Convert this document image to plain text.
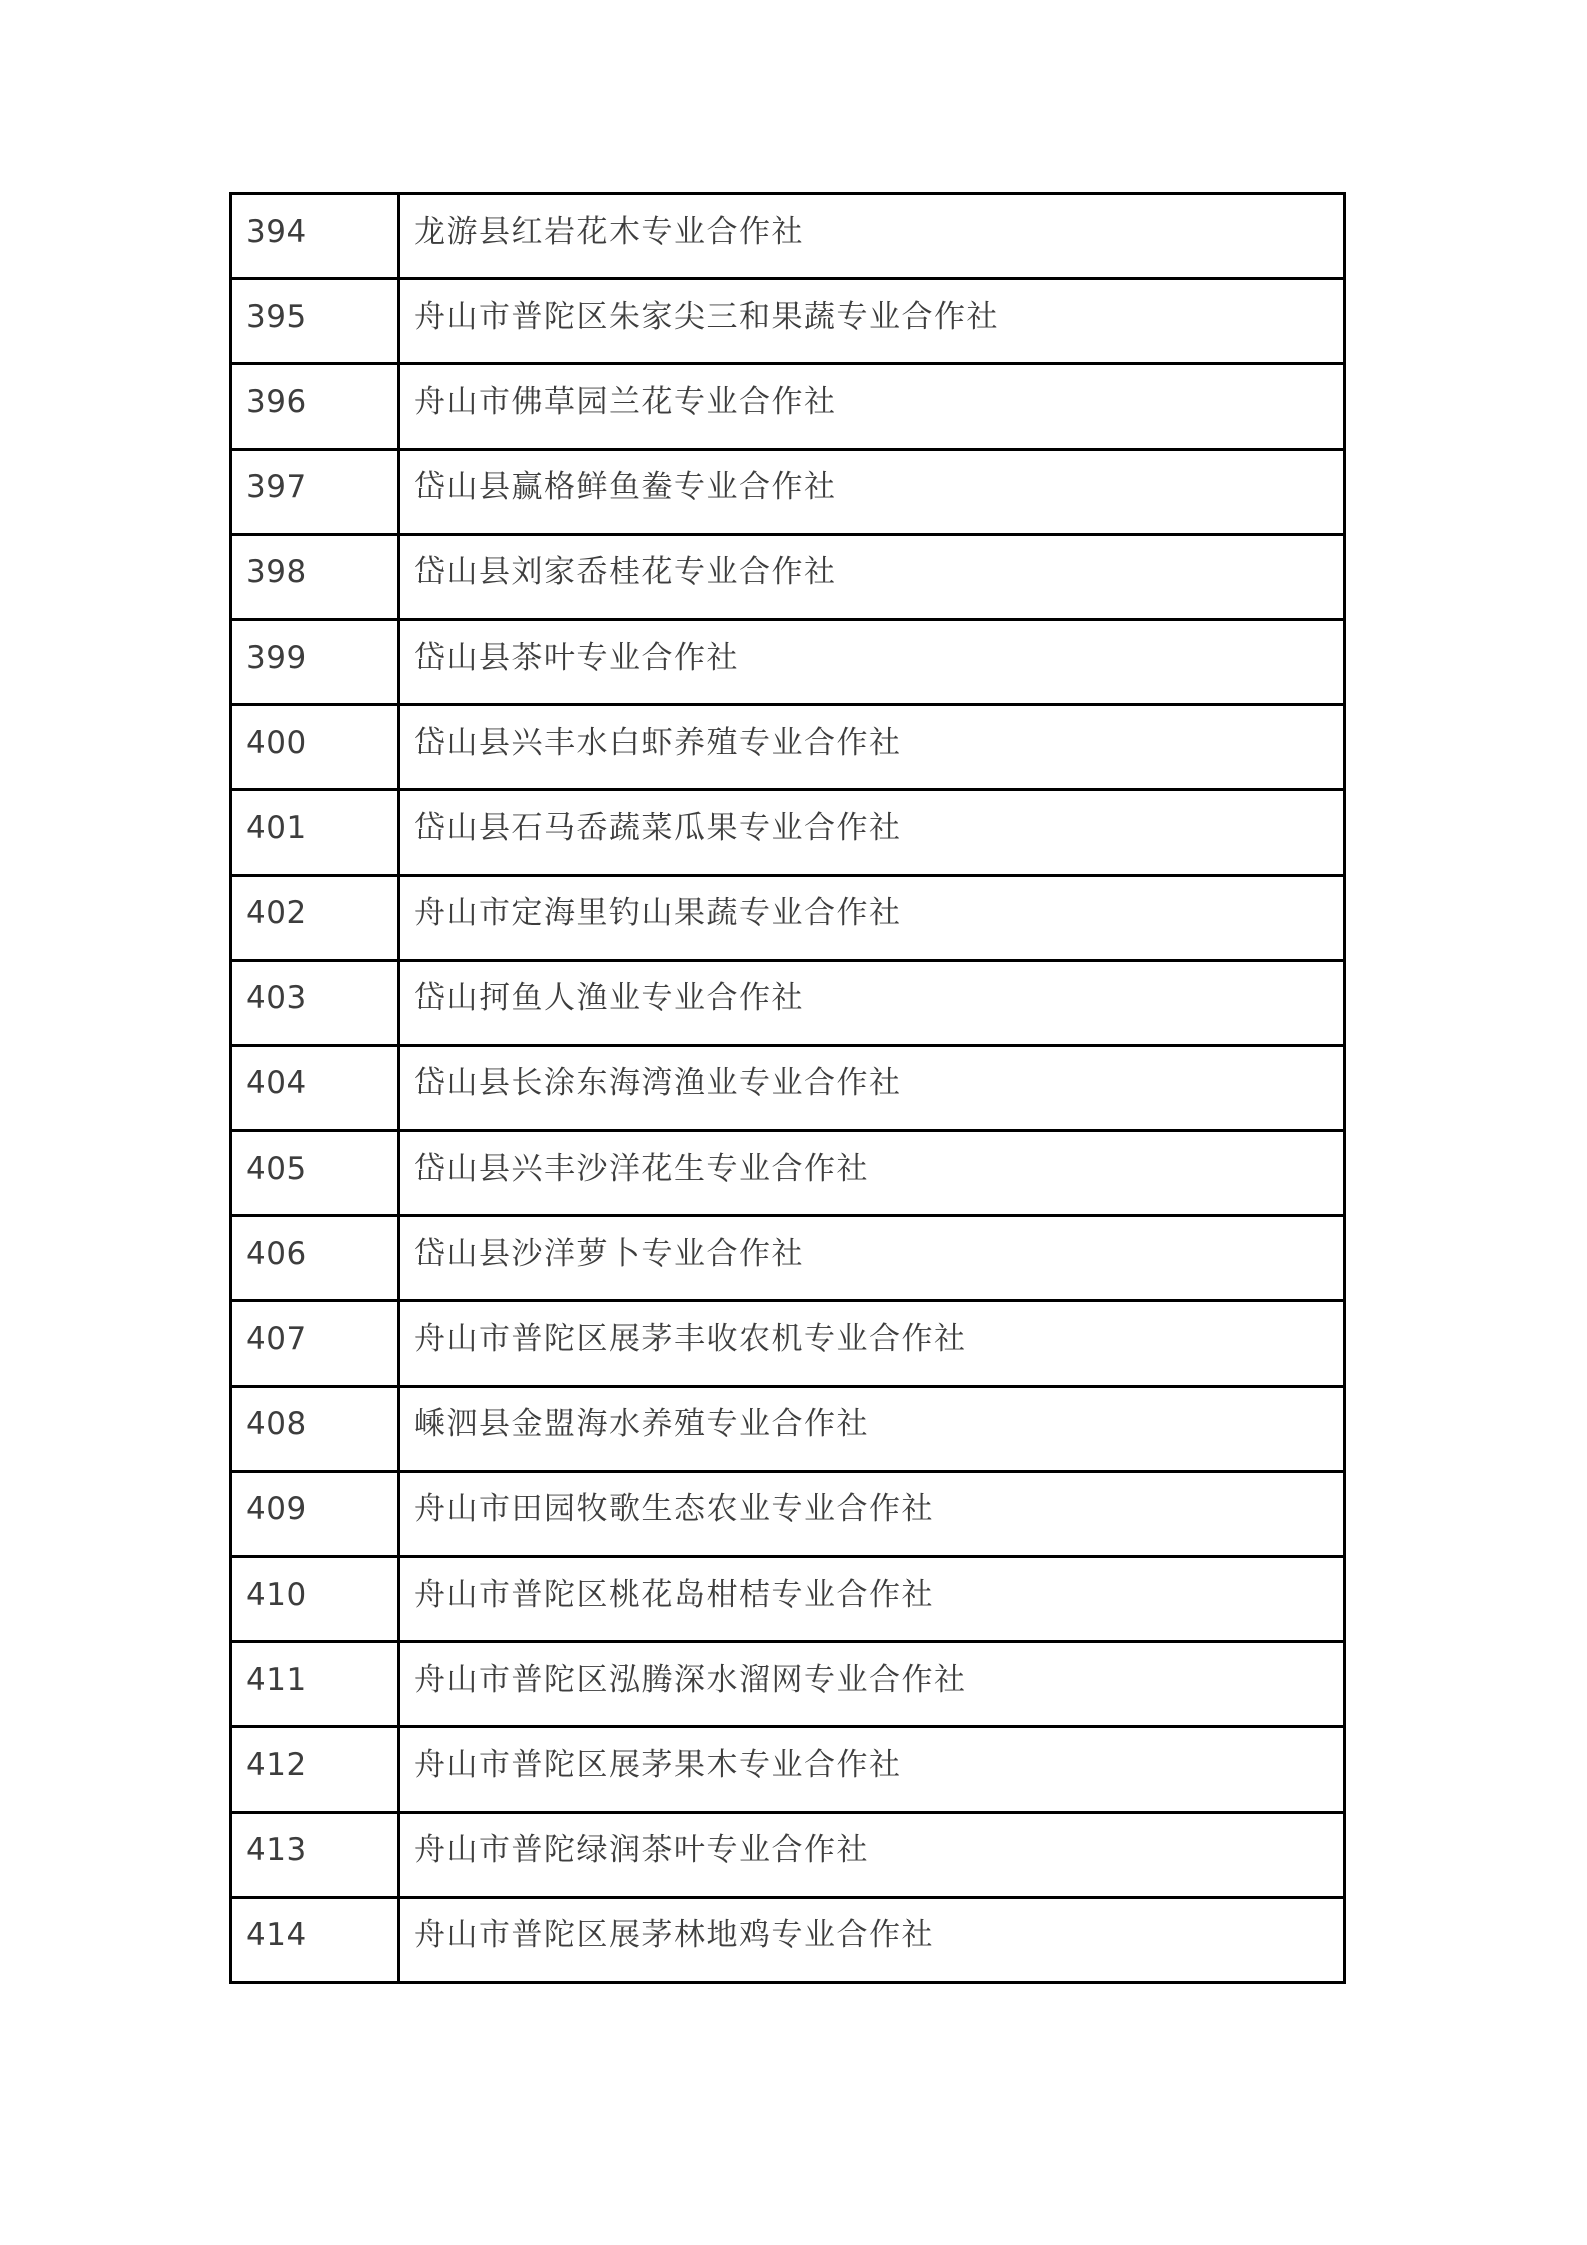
394	龙游县红岩花木专业合作社
395	舟山市普陀区朱家尖三和果蔬专业合作社
396	舟山市佛草园兰花专业合作社
397	岱山县赢格鲜鱼鲞专业合作社
398	岱山县刘家岙桂花专业合作社
399	岱山县茶叶专业合作社
400	岱山县兴丰水白虾养殖专业合作社
401	岱山县石马岙蔬菜瓜果专业合作社
402	舟山市定海里钓山果蔬专业合作社
403	岱山抲鱼人渔业专业合作社
404	岱山县长涂东海湾渔业专业合作社
405	岱山县兴丰沙洋花生专业合作社
406	岱山县沙洋萝卜专业合作社
407	舟山市普陀区展茅丰收农机专业合作社
408	嵊泗县金盟海水养殖专业合作社
409	舟山市田园牧歌生态农业专业合作社
410	舟山市普陀区桃花岛柑桔专业合作社
411	舟山市普陀区泓腾深水溜网专业合作社
412	舟山市普陀区展茅果木专业合作社
413	舟山市普陀绿润茶叶专业合作社
414	舟山市普陀区展茅林地鸡专业合作社
